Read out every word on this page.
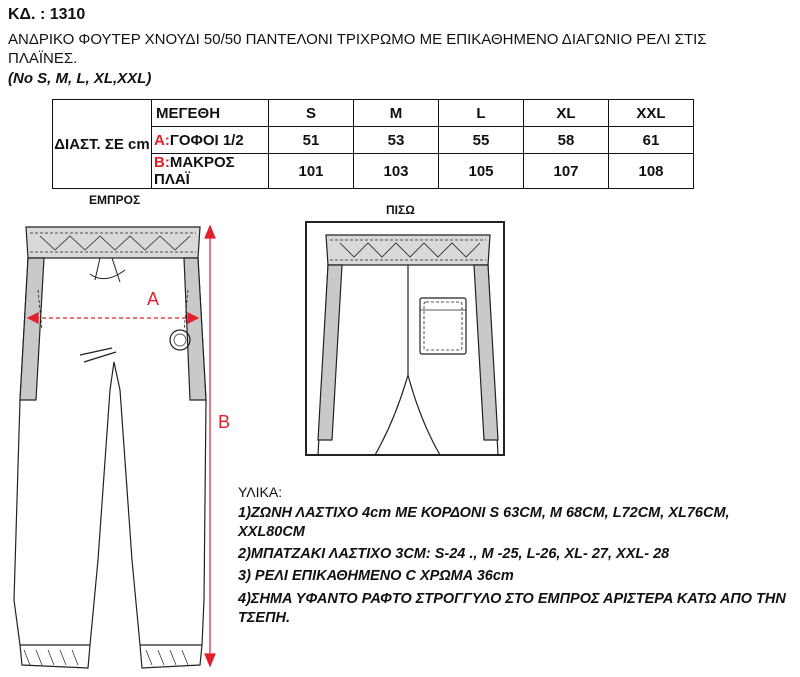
ΚΔ. : 1310
ΑΝΔΡΙΚΟ ΦΟΥΤΕΡ ΧΝΟΥΔΙ 50/50 ΠΑΝΤΕΛΟΝΙ ΤΡΙΧΡΩΜΟ ΜΕ ΕΠΙΚΑΘΗΜΕΝΟ ΔΙΑΓΩΝΙΟ ΡΕΛΙ ΣΤΙΣ ΠΛΑΪΝΕΣ.
(No S, M, L, XL,XXL)
ΔΙΑΣΤ. ΣΕ cm	ΜΕΓΕΘΗ	S	M	L	XL	XXL
	A:ΓΟΦΟΙ 1/2	51	53	55	58	61
	B:ΜΑΚΡΟΣ ΠΛΑΪ	101	103	105	107	108
ΕΜΠΡΟΣ
ΠΙΣΩ
A
B
ΥΛΙΚΑ:
1)ΖΩΝΗ ΛΑΣΤΙΧΟ 4cm ΜΕ ΚΟΡΔΟΝΙ S 63CM, M 68CM, L72CM, XL76CM, XXL80CM
2)ΜΠΑΤΖΑΚΙ ΛΑΣΤΙΧΟ 3CM: S-24 ., M -25, L-26, XL- 27, XXL- 28
3) ΡΕΛΙ ΕΠΙΚΑΘΗΜΕΝΟ C ΧΡΩΜΑ 36cm
4)ΣΗΜΑ ΥΦΑΝΤΟ ΡΑΦΤΟ ΣΤΡΟΓΓΥΛΟ ΣΤΟ ΕΜΠΡΟΣ ΑΡΙΣΤΕΡΑ ΚΑΤΩ ΑΠΟ ΤΗΝ ΤΣΕΠΗ.
